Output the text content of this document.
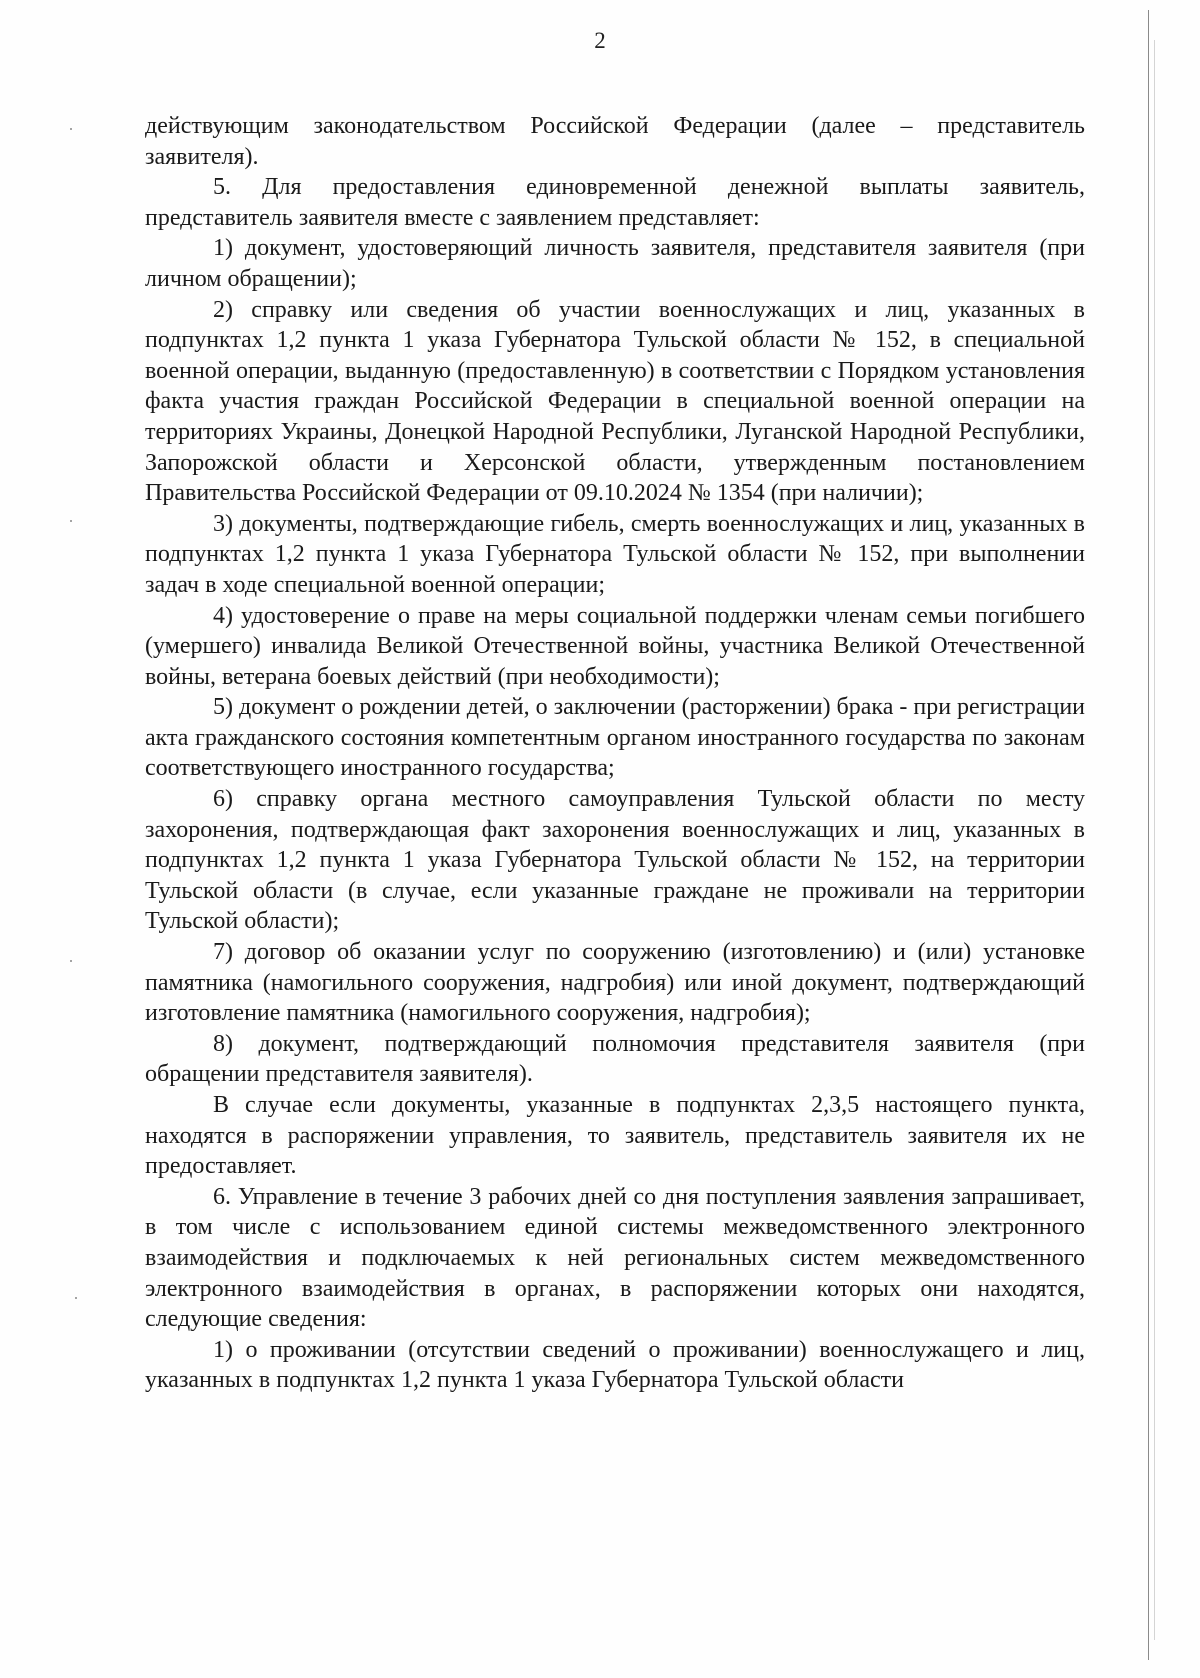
2

действующим законодательством Российской Федерации (далее – представитель заявителя).

5. Для предоставления единовременной денежной выплаты заявитель, представитель заявителя вместе с заявлением представляет:

1) документ, удостоверяющий личность заявителя, представителя заявителя (при личном обращении);

2) справку или сведения об участии военнослужащих и лиц, указанных в подпунктах 1,2 пункта 1 указа Губернатора Тульской области № 152, в специальной военной операции, выданную (предоставленную) в соответствии с Порядком установления факта участия граждан Российской Федерации в специальной военной операции на территориях Украины, Донецкой Народной Республики, Луганской Народной Республики, Запорожской области и Херсонской области, утвержденным постановлением Правительства Российской Федерации от 09.10.2024 № 1354 (при наличии);

3) документы, подтверждающие гибель, смерть военнослужащих и лиц, указанных в подпунктах 1,2 пункта 1 указа Губернатора Тульской области № 152, при выполнении задач в ходе специальной военной операции;

4) удостоверение о праве на меры социальной поддержки членам семьи погибшего (умершего) инвалида Великой Отечественной войны, участника Великой Отечественной войны, ветерана боевых действий (при необходимости);

5) документ о рождении детей, о заключении (расторжении) брака - при регистрации акта гражданского состояния компетентным органом иностранного государства по законам соответствующего иностранного государства;

6) справку органа местного самоуправления Тульской области по месту захоронения, подтверждающая факт захоронения военнослужащих и лиц, указанных в подпунктах 1,2 пункта 1 указа Губернатора Тульской области № 152, на территории Тульской области (в случае, если указанные граждане не проживали на территории Тульской области);

7) договор об оказании услуг по сооружению (изготовлению) и (или) установке памятника (намогильного сооружения, надгробия) или иной документ, подтверждающий изготовление памятника (намогильного сооружения, надгробия);

8) документ, подтверждающий полномочия представителя заявителя (при обращении представителя заявителя).

В случае если документы, указанные в подпунктах 2,3,5 настоящего пункта, находятся в распоряжении управления, то заявитель, представитель заявителя их не предоставляет.

6. Управление в течение 3 рабочих дней со дня поступления заявления запрашивает, в том числе с использованием единой системы межведомственного электронного взаимодействия и подключаемых к ней региональных систем межведомственного электронного взаимодействия в органах, в распоряжении которых они находятся, следующие сведения:

1) о проживании (отсутствии сведений о проживании) военнослужащего и лиц, указанных в подпунктах 1,2 пункта 1 указа Губернатора Тульской области
